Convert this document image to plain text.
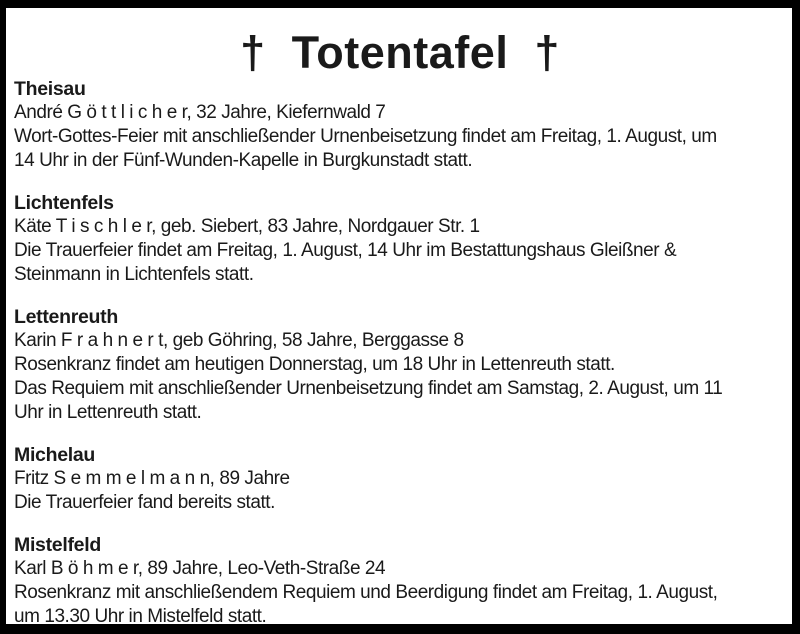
† Totentafel †
Theisau
André G ö t t l i c h e r, 32 Jahre, Kiefernwald 7
Wort-Gottes-Feier mit anschließender Urnenbeisetzung findet am Freitag, 1. August, um
14 Uhr in der Fünf-Wunden-Kapelle in Burgkunstadt statt.
Lichtenfels
Käte T i s c h l e r, geb. Siebert, 83 Jahre, Nordgauer Str. 1
Die Trauerfeier findet am Freitag, 1. August, 14 Uhr im Bestattungshaus Gleißner &
Steinmann in Lichtenfels statt.
Lettenreuth
Karin F r a h n e r t, geb Göhring, 58 Jahre, Berggasse 8
Rosenkranz findet am heutigen Donnerstag, um 18 Uhr in Lettenreuth statt.
Das Requiem mit anschließender Urnenbeisetzung findet am Samstag, 2. August, um 11
Uhr in Lettenreuth statt.
Michelau
Fritz S e m m e l m a n n, 89 Jahre
Die Trauerfeier fand bereits statt.
Mistelfeld
Karl B ö h m e r, 89 Jahre, Leo-Veth-Straße 24
Rosenkranz mit anschließendem Requiem und Beerdigung findet am Freitag, 1. August,
um 13.30 Uhr in Mistelfeld statt.
